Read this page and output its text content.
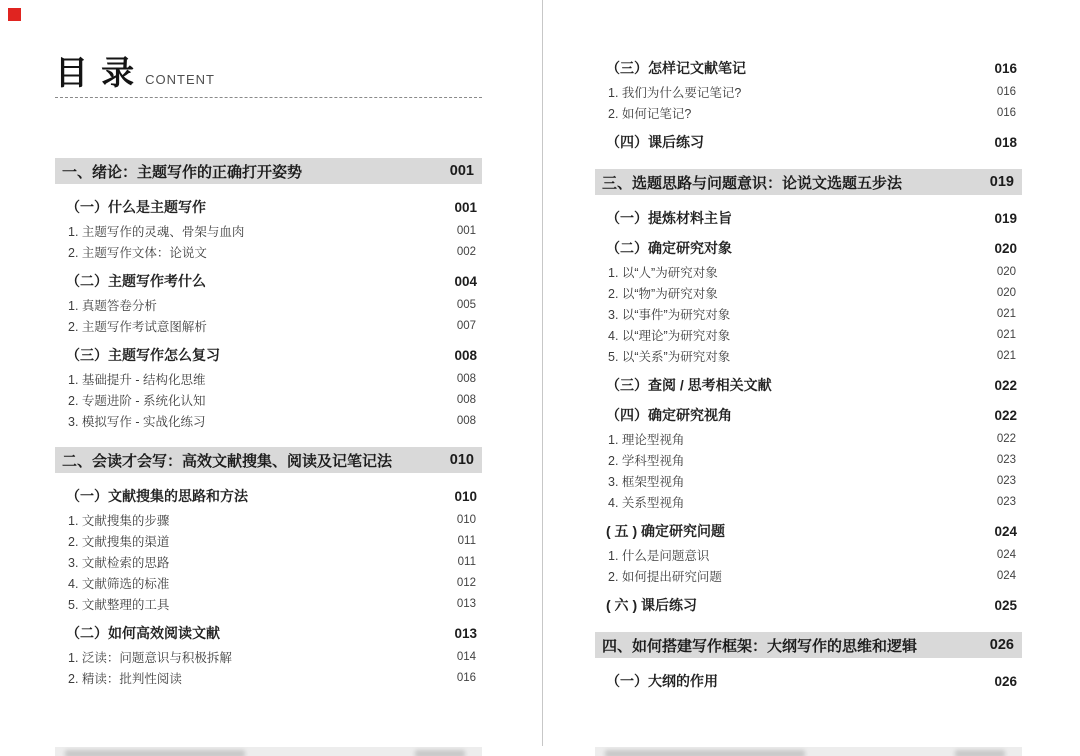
目 录 CONTENT
一、绪论：主题写作的正确打开姿势	001
（一）什么是主题写作	001
1. 主题写作的灵魂、骨架与血肉	001
2. 主题写作文体：论说文	002
（二）主题写作考什么	004
1. 真题答卷分析	005
2. 主题写作考试意图解析	007
（三）主题写作怎么复习	008
1. 基础提升 - 结构化思维	008
2. 专题进阶 - 系统化认知	008
3. 模拟写作 - 实战化练习	008
二、会读才会写：高效文献搜集、阅读及记笔记法	010
（一）文献搜集的思路和方法	010
1. 文献搜集的步骤	010
2. 文献搜集的渠道	011
3. 文献检索的思路	011
4. 文献筛选的标准	012
5. 文献整理的工具	013
（二）如何高效阅读文献	013
1. 泛读：问题意识与积极拆解	014
2. 精读：批判性阅读	016
（三）怎样记文献笔记	016
1. 我们为什么要记笔记?	016
2. 如何记笔记?	016
（四）课后练习	018
三、选题思路与问题意识：论说文选题五步法	019
（一）提炼材料主旨	019
（二）确定研究对象	020
1. 以“人”为研究对象	020
2. 以“物”为研究对象	020
3. 以“事件”为研究对象	021
4. 以“理论”为研究对象	021
5. 以“关系”为研究对象	021
（三）查阅 / 思考相关文献	022
（四）确定研究视角	022
1. 理论型视角	022
2. 学科型视角	023
3. 框架型视角	023
4. 关系型视角	023
( 五 ) 确定研究问题	024
1. 什么是问题意识	024
2. 如何提出研究问题	024
( 六 ) 课后练习	025
四、如何搭建写作框架：大纲写作的思维和逻辑	026
（一）大纲的作用	026
